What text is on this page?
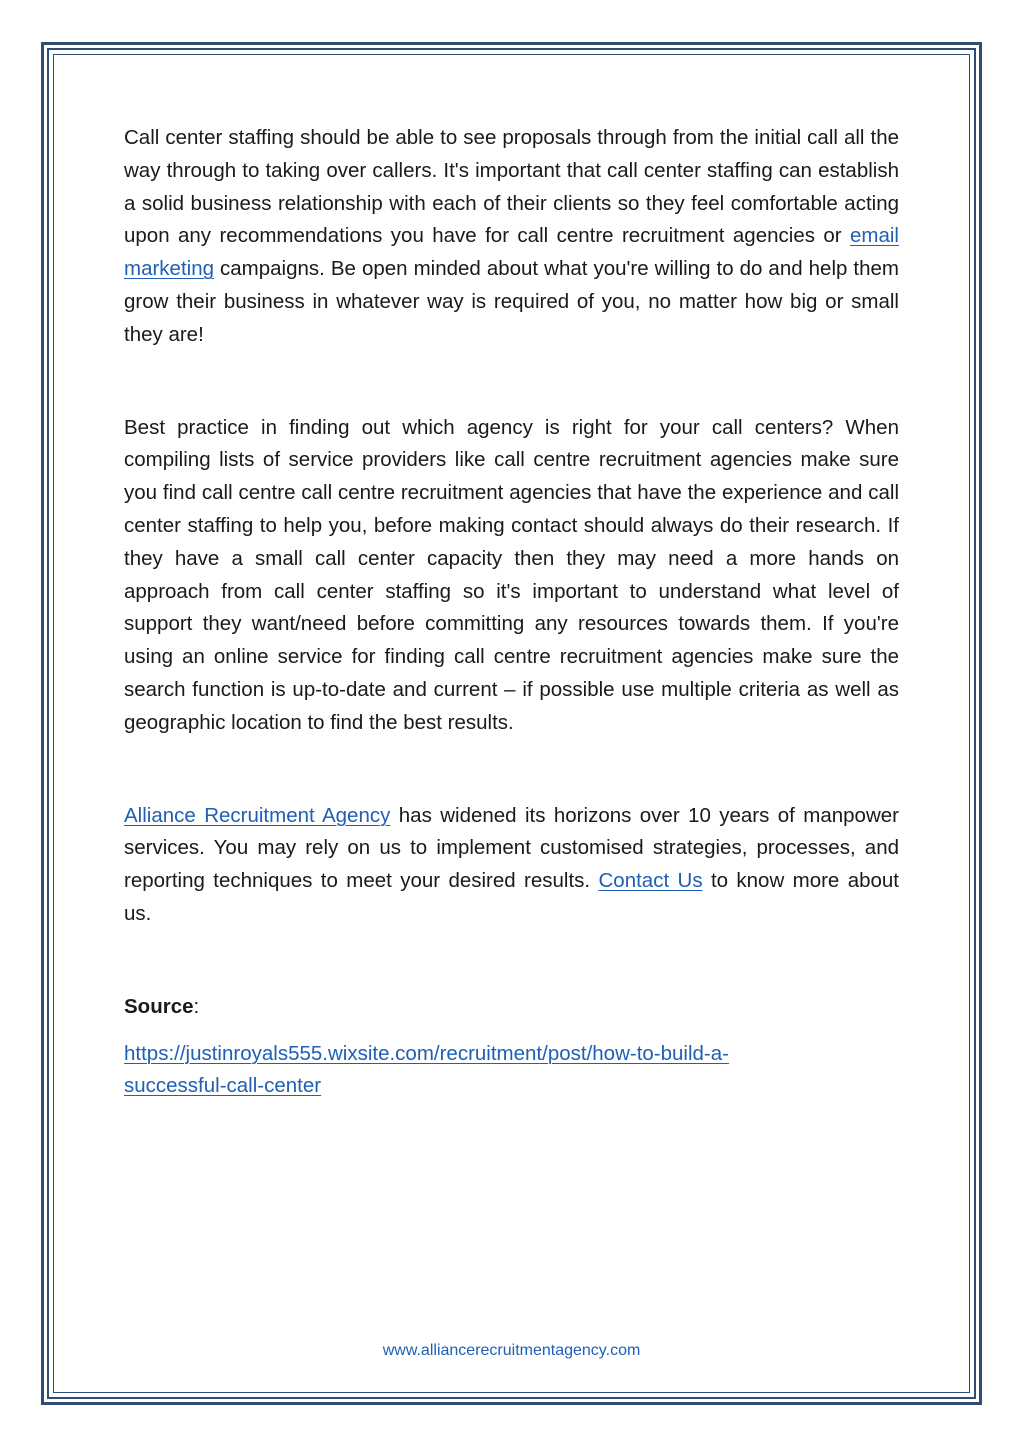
Call center staffing should be able to see proposals through from the initial call all the way through to taking over callers. It's important that call center staffing can establish a solid business relationship with each of their clients so they feel comfortable acting upon any recommendations you have for call centre recruitment agencies or email marketing campaigns. Be open minded about what you're willing to do and help them grow their business in whatever way is required of you, no matter how big or small they are!

Best practice in finding out which agency is right for your call centers? When compiling lists of service providers like call centre recruitment agencies make sure you find call centre call centre recruitment agencies that have the experience and call center staffing to help you, before making contact should always do their research. If they have a small call center capacity then they may need a more hands on approach from call center staffing so it's important to understand what level of support they want/need before committing any resources towards them. If you're using an online service for finding call centre recruitment agencies make sure the search function is up-to-date and current – if possible use multiple criteria as well as geographic location to find the best results.

Alliance Recruitment Agency has widened its horizons over 10 years of manpower services. You may rely on us to implement customised strategies, processes, and reporting techniques to meet your desired results. Contact Us to know more about us.

Source:

https://justinroyals555.wixsite.com/recruitment/post/how-to-build-a-
successful-call-center

www.alliancerecruitmentagency.com
